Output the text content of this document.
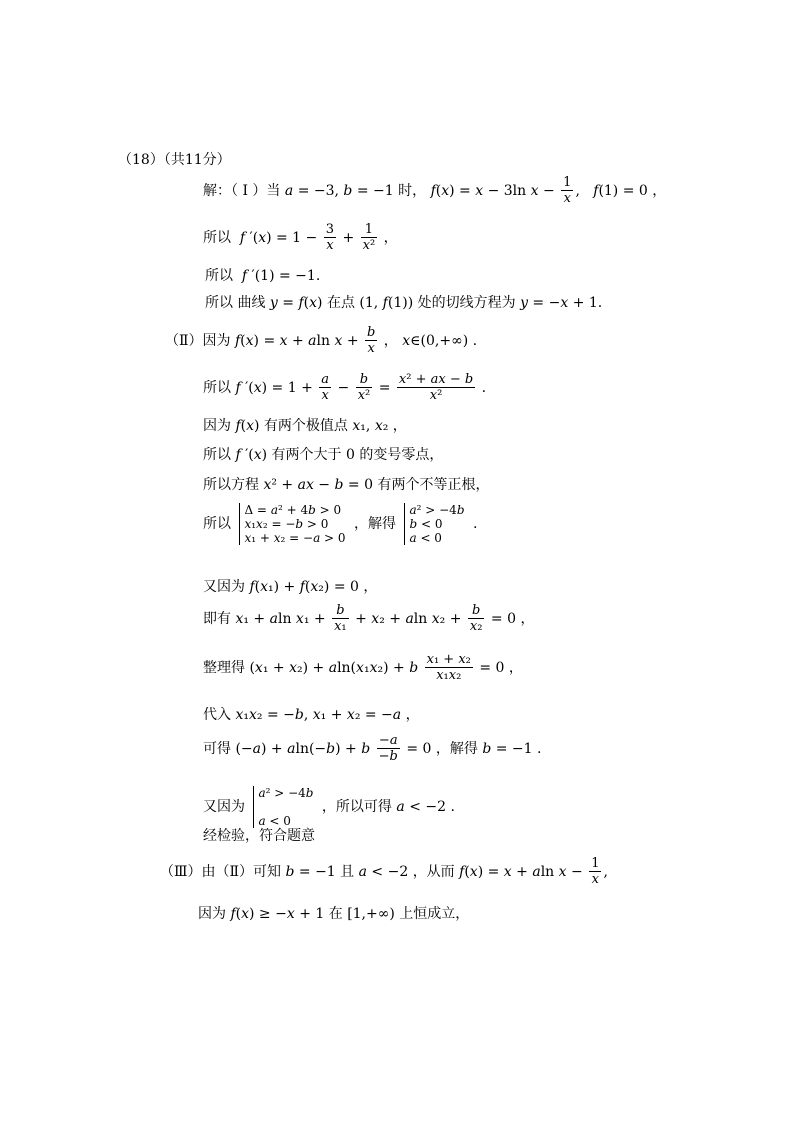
（18）（共11分）
解：（ Ⅰ ）当 a = −3, b = −1 时， f(x) = x − 3ln $x - \frac{1}{x}$ ,   f(1) = 0 ，
所以  f $'(x) = 1 - \frac{3}{x} + \frac{1}{\text{x²}}$ ，
所以  f ′(1) = −1.
所以 曲线 y = f(x) 在点 (1, f(1)) 处的切线方程为 y = −x + 1.
（Ⅱ）因为 f(x) = x + aln $x + \frac{b}{x}$ ， x∈(0,+∞) .
所以 f $'(x) = 1 + \frac{a}{x} - \frac{b}{\text{x²}} = \frac{\text{x² + ax − b}}{\text{x²}}$ .
因为 f(x) 有两个极值点 x₁, x₂ ，
所以 f ′(x) 有两个大于 0 的变号零点，
所以方程 x² + ax − b = 0 有两个不等正根，
所以
Δ = a² + 4b > 0
x₁x₂ = −b > 0
x₁ + x₂ = −a > 0
，解得
a² > −4b
b < 0
a < 0
.
又因为 f(x₁) + f(x₂) = 0 ，
即有 x₁ + aln $x_1 + \frac{b}{\text{x₁}} + x_2 + aln$ $x_2 + \frac{b}{\text{x₂}} = 0$ ，
整理得 (x₁ + x₂) + aln(x₁x₂) + b $\frac{\text{x₁ + x₂}}{\text{x₁x₂}} = 0$ ，
代入 x₁x₂ = −b, x₁ + x₂ = −a ，
可得 (−a) + aln(−b) + b $\frac{-a}{-b} = 0$ ，解得 b = −1 .
又因为
a² > −4b

a < 0
，所以可得 a < −2 .
经检验，符合题意
（Ⅲ）由（Ⅱ）可知 b = −1 且 a < −2 ，从而 f(x) = x + aln $x - \frac{1}{x}$ ,
因为 f(x) ≥ −x + 1 在 [1,+∞) 上恒成立，
